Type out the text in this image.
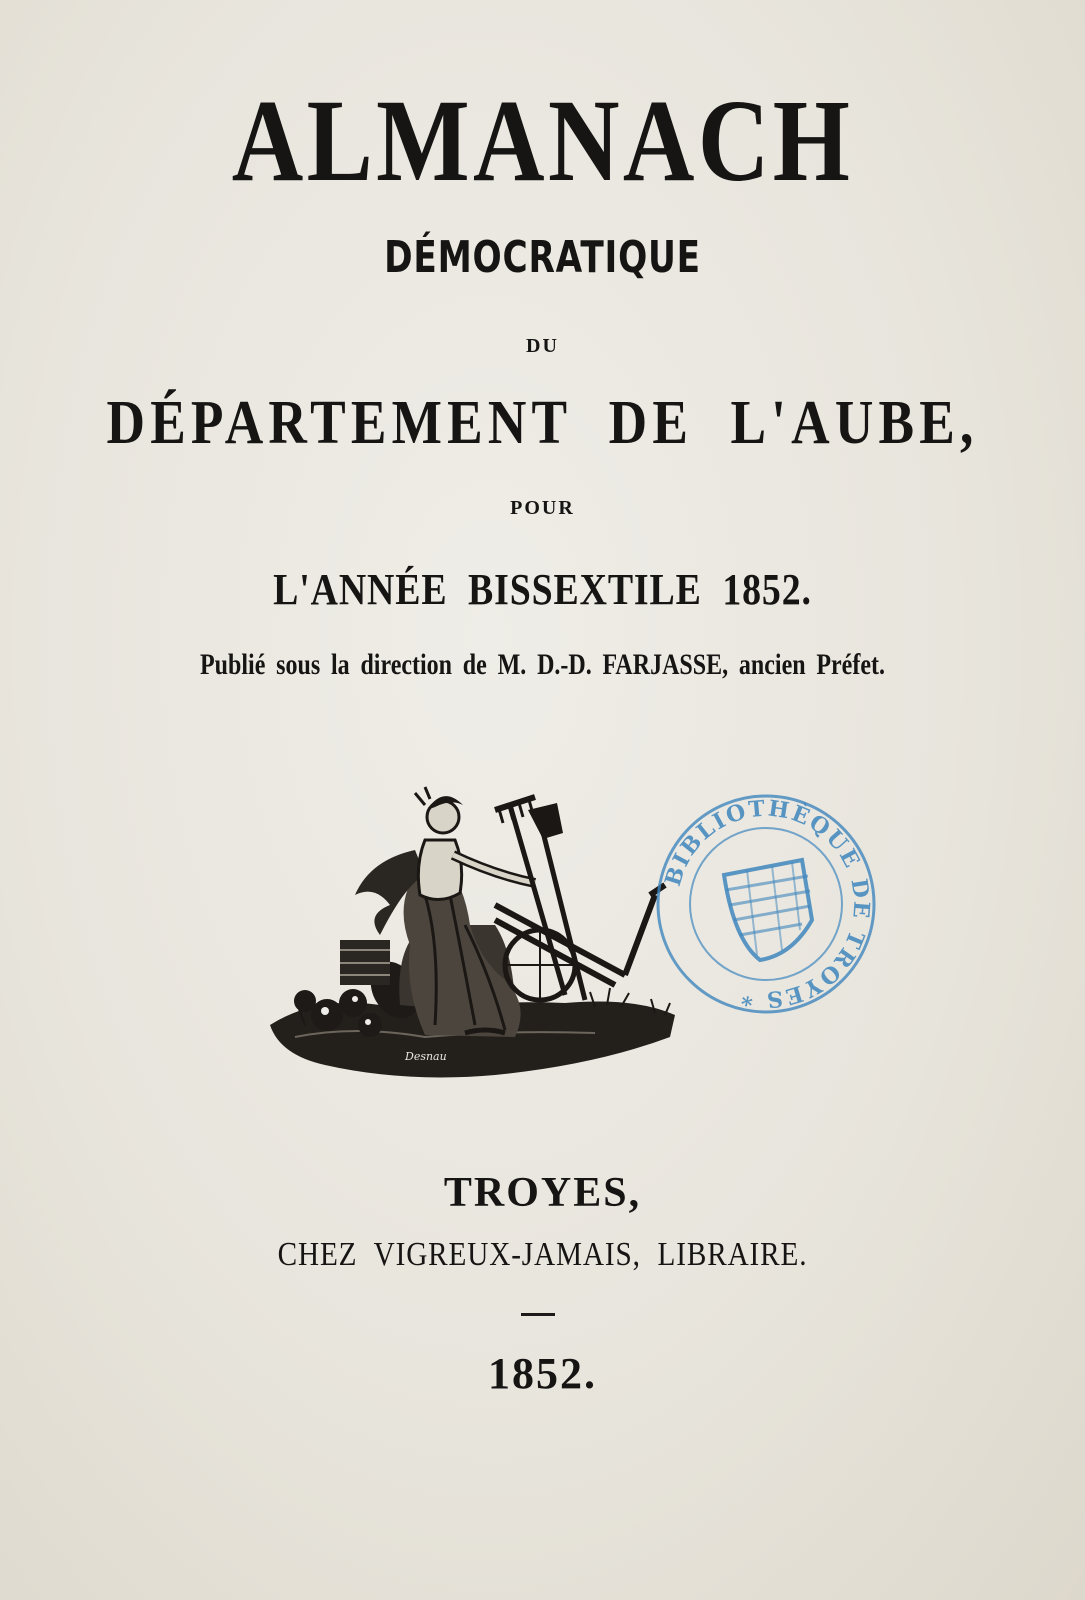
ALMANACH

DÉMOCRATIQUE

DU

DÉPARTEMENT DE L'AUBE,

POUR

L'ANNÉE BISSEXTILE 1852.

Publié sous la direction de M. D.-D. FARJASSE, ancien Préfet.

Desnau
BIBLIOTHÈQUE DE TROYES *

TROYES,

CHEZ VIGREUX-JAMAIS, LIBRAIRE.

1852.
